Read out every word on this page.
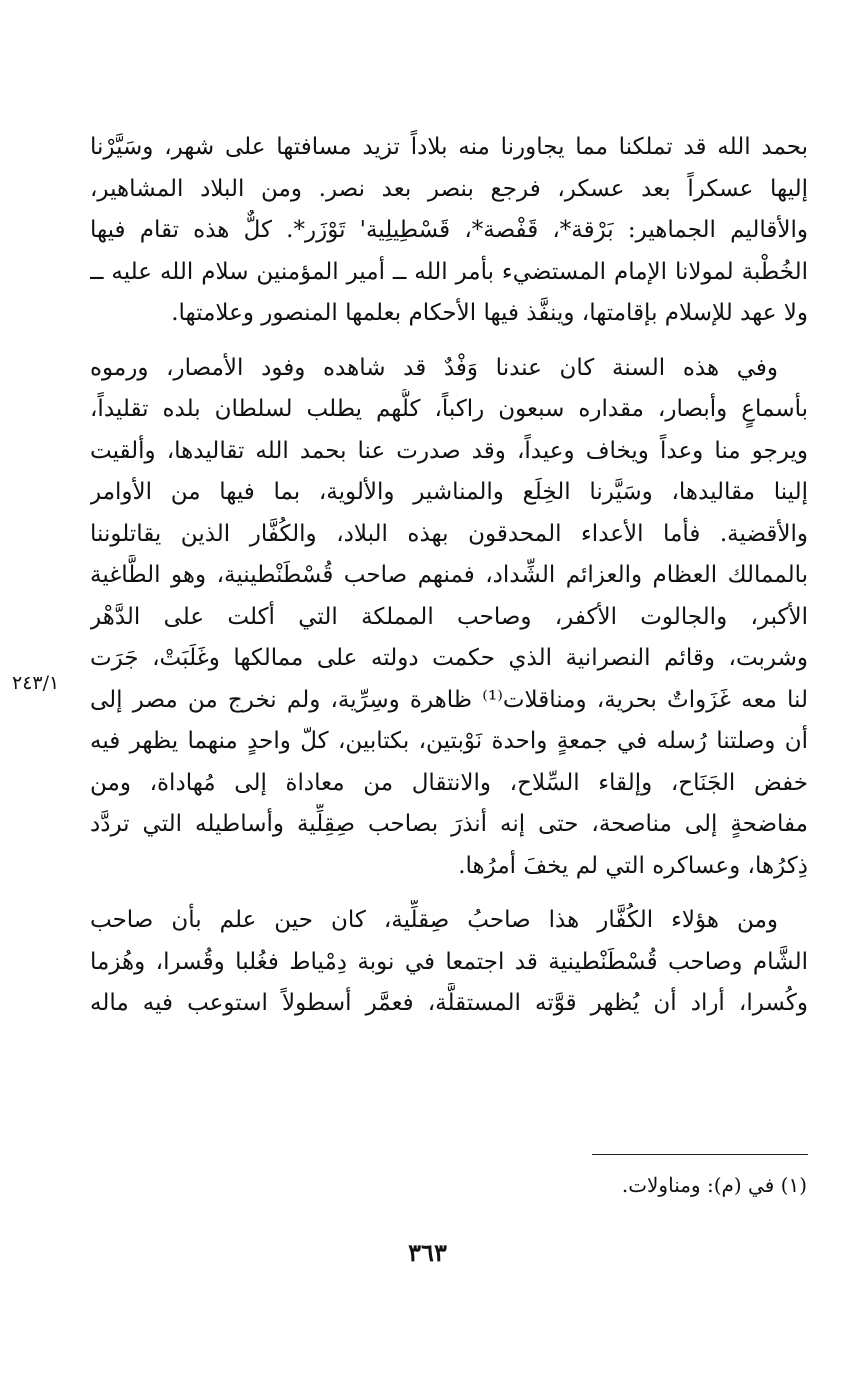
٢٤٣/١

بحمد الله قد تملكنا مما يجاورنا منه بلاداً تزيد مسافتها على شهر، وسَيَّرْنا
إليها عسكراً بعد عسكر، فرجع بنصر بعد نصر. ومن البلاد المشاهير،
والأقاليم الجماهير: بَرْقة*، قَفْصة*، قَسْطِيلِية' تَوْزَر*. كلٌّ هذه تقام فيها
الخُطْبة لمولانا الإمام المستضيء بأمر الله ــ أمير المؤمنين سلام الله عليه ــ
ولا عهد للإسلام بإقامتها، وينفَّذ فيها الأحكام بعلمها المنصور وعلامتها.

وفي هذه السنة كان عندنا وَفْدٌ قد شاهده وفود الأمصار، ورموه
بأسماعٍ وأبصار، مقداره سبعون راكباً، كلُّهم يطلب لسلطان بلده تقليداً،
ويرجو منا وعداً ويخاف وعيداً، وقد صدرت عنا بحمد الله تقاليدها، وألقيت
إلينا مقاليدها، وسَيَّرنا الخِلَع والمناشير والألوية، بما فيها من الأوامر
والأقضية. فأما الأعداء المحدقون بهذه البلاد، والكُفَّار الذين يقاتلوننا
بالممالك العظام والعزائم الشِّداد، فمنهم صاحب قُسْطَنْطينية، وهو الطَّاغية
الأكبر، والجالوت الأكفر، وصاحب المملكة التي أكلت على الدَّهْر
وشربت، وقائم النصرانية الذي حكمت دولته على ممالكها وغَلَبَتْ، جَرَت
لنا معه غَزَواتٌ بحرية، ومناقلات⁽¹⁾ ظاهرة وسِرِّية، ولم نخرج من مصر إلى
أن وصلتنا رُسله في جمعةٍ واحدة نَوْبتين، بكتابين، كلّ واحدٍ منهما يظهر فيه
خفض الجَنَاح، وإلقاء السِّلاح، والانتقال من معاداة إلى مُهاداة، ومن
مفاضحةٍ إلى مناصحة، حتى إنه أنذرَ بصاحب صِقِلِّية وأساطيله التي تردَّد
ذِكرُها، وعساكره التي لم يخفَ أمرُها.

ومن هؤلاء الكُفَّار هذا صاحبُ صِقلِّية، كان حين علم بأن صاحب
الشَّام وصاحب قُسْطَنْطينية قد اجتمعا في نوبة دِمْياط فغُلبا وقُسرا، وهُزما
وكُسرا، أراد أن يُظهر قوَّته المستقلَّة، فعمَّر أسطولاً استوعب فيه ماله

(١) في (م): ومناولات.
٣٦٣
